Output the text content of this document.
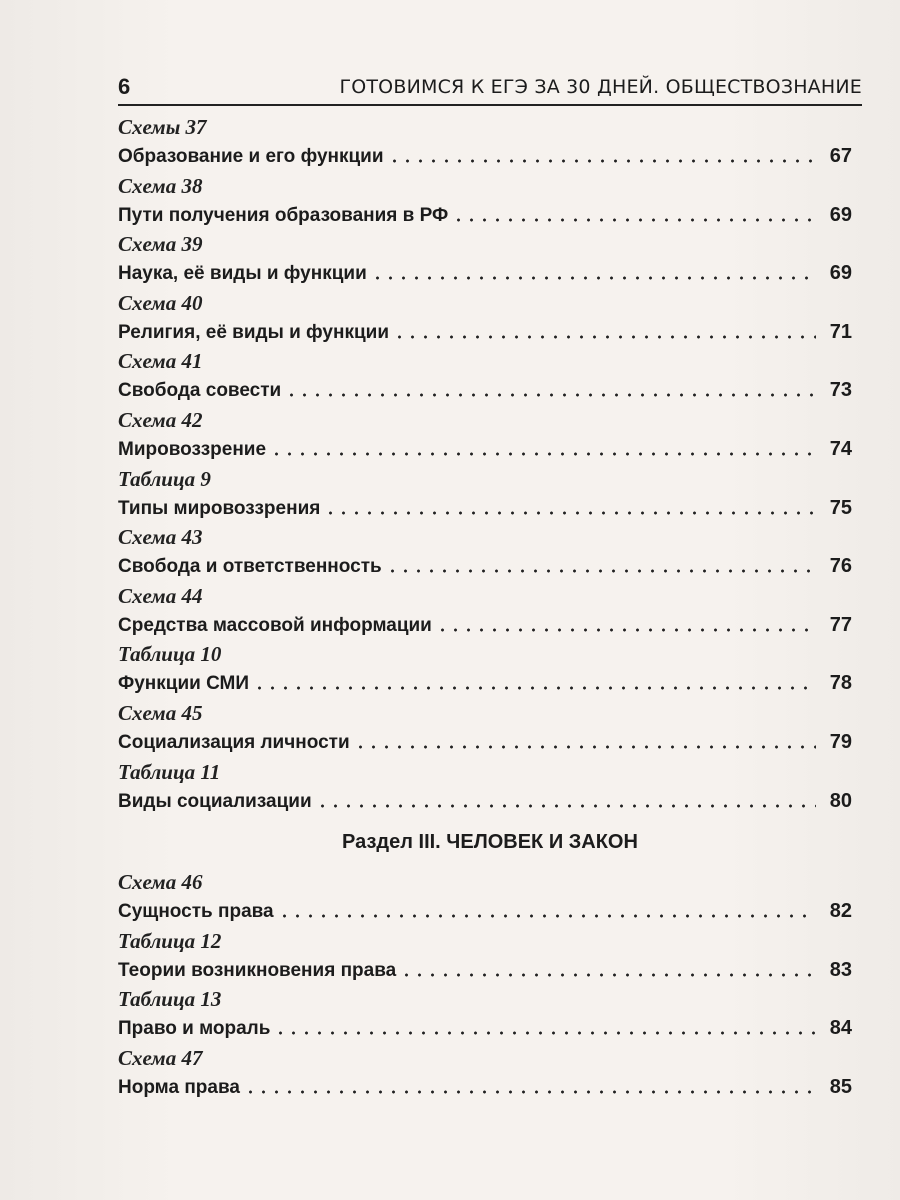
6	ГОТОВИМСЯ К ЕГЭ ЗА 30 ДНЕЙ. ОБЩЕСТВОЗНАНИЕ
Схемы 37
Образование и его функции	67
Схема 38
Пути получения образования в РФ	69
Схема 39
Наука, её виды и функции	69
Схема 40
Религия, её виды и функции	71
Схема 41
Свобода совести	73
Схема 42
Мировоззрение	74
Таблица 9
Типы мировоззрения	75
Схема 43
Свобода и ответственность	76
Схема 44
Средства массовой информации	77
Таблица 10
Функции СМИ	78
Схема 45
Социализация личности	79
Таблица 11
Виды социализации	80
Раздел III. ЧЕЛОВЕК И ЗАКОН
Схема 46
Сущность права	82
Таблица 12
Теории возникновения права	83
Таблица 13
Право и мораль	84
Схема 47
Норма права	85
